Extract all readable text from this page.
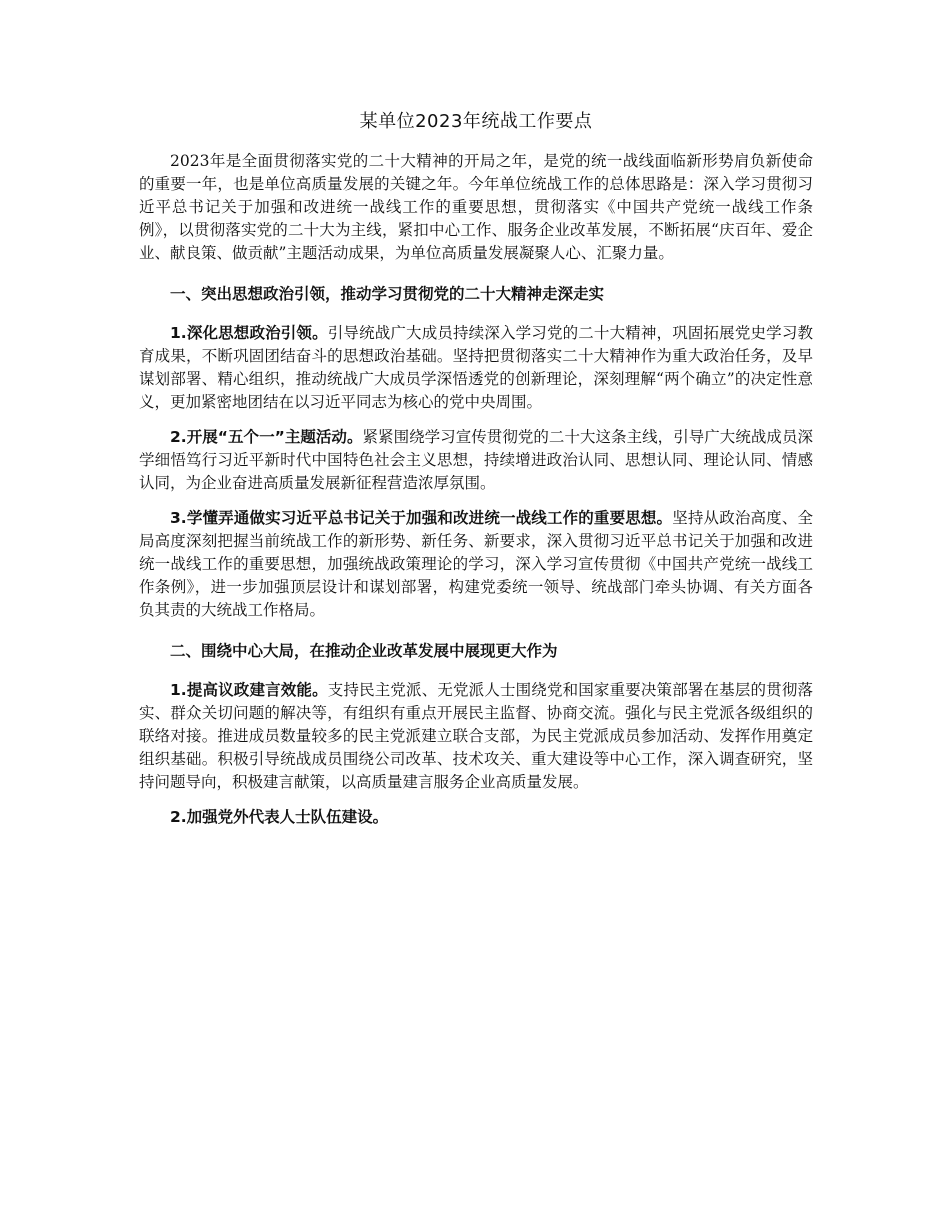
某单位2023年统战工作要点

2023年是全面贯彻落实党的二十大精神的开局之年，是党的统一战线面临新形势肩负新使命的重要一年，也是单位高质量发展的关键之年。今年单位统战工作的总体思路是：深入学习贯彻习近平总书记关于加强和改进统一战线工作的重要思想，贯彻落实《中国共产党统一战线工作条例》，以贯彻落实党的二十大为主线，紧扣中心工作、服务企业改革发展，不断拓展“庆百年、爱企业、献良策、做贡献”主题活动成果，为单位高质量发展凝聚人心、汇聚力量。

一、突出思想政治引领，推动学习贯彻党的二十大精神走深走实

1.深化思想政治引领。引导统战广大成员持续深入学习党的二十大精神，巩固拓展党史学习教育成果，不断巩固团结奋斗的思想政治基础。坚持把贯彻落实二十大精神作为重大政治任务，及早谋划部署、精心组织，推动统战广大成员学深悟透党的创新理论，深刻理解“两个确立”的决定性意义，更加紧密地团结在以习近平同志为核心的党中央周围。

2.开展“五个一”主题活动。紧紧围绕学习宣传贯彻党的二十大这条主线，引导广大统战成员深学细悟笃行习近平新时代中国特色社会主义思想，持续增进政治认同、思想认同、理论认同、情感认同，为企业奋进高质量发展新征程营造浓厚氛围。

3.学懂弄通做实习近平总书记关于加强和改进统一战线工作的重要思想。坚持从政治高度、全局高度深刻把握当前统战工作的新形势、新任务、新要求，深入贯彻习近平总书记关于加强和改进统一战线工作的重要思想，加强统战政策理论的学习，深入学习宣传贯彻《中国共产党统一战线工作条例》，进一步加强顶层设计和谋划部署，构建党委统一领导、统战部门牵头协调、有关方面各负其责的大统战工作格局。

二、围绕中心大局，在推动企业改革发展中展现更大作为

1.提高议政建言效能。支持民主党派、无党派人士围绕党和国家重要决策部署在基层的贯彻落实、群众关切问题的解决等，有组织有重点开展民主监督、协商交流。强化与民主党派各级组织的联络对接。推进成员数量较多的民主党派建立联合支部，为民主党派成员参加活动、发挥作用奠定组织基础。积极引导统战成员围绕公司改革、技术攻关、重大建设等中心工作，深入调查研究，坚持问题导向，积极建言献策，以高质量建言服务企业高质量发展。

2.加强党外代表人士队伍建设。
